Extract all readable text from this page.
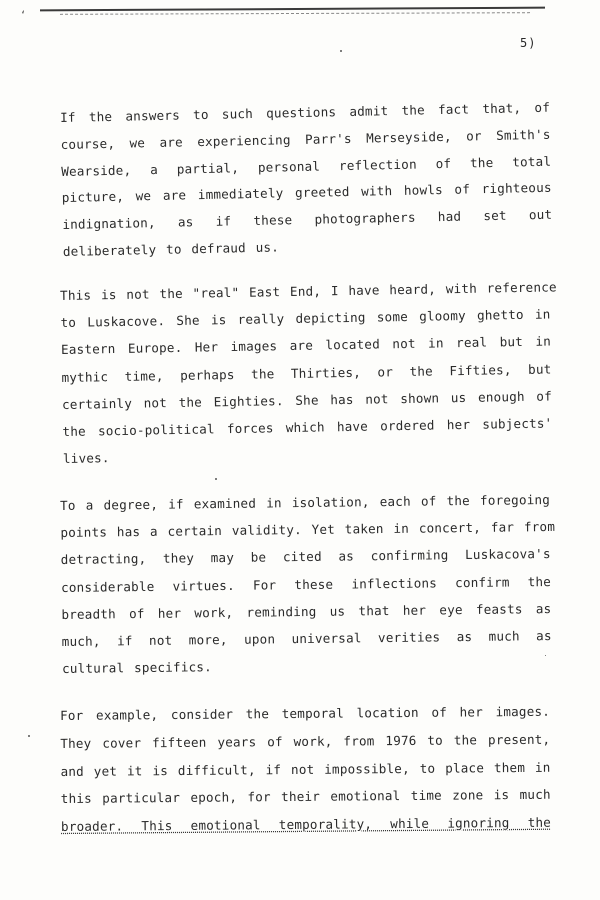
‘
5)
If the answers to such questions admit the fact that, of
course, we are experiencing Parr's Merseyside, or Smith's
Wearside, a partial, personal reflection of the total
picture, we are immediately greeted with howls of righteous
indignation, as if these photographers had set out
deliberately to defraud us.
This is not the "real" East End, I have heard, with reference
to Luskacove. She is really depicting some gloomy ghetto in
Eastern Europe. Her images are located not in real but in
mythic time, perhaps the Thirties, or the Fifties, but
certainly not the Eighties. She has not shown us enough of
the socio-political forces which have ordered her subjects'
lives.
To a degree, if examined in isolation, each of the foregoing
points has a certain validity. Yet taken in concert, far from
detracting, they may be cited as confirming Luskacova's
considerable virtues. For these inflections confirm the
breadth of her work, reminding us that her eye feasts as
much, if not more, upon universal verities as much as
cultural specifics.
For example, consider the temporal location of her images.
They cover fifteen years of work, from 1976 to the present,
and yet it is difficult, if not impossible, to place them in
this particular epoch, for their emotional time zone is much
broader. This emotional temporality, while ignoring the
